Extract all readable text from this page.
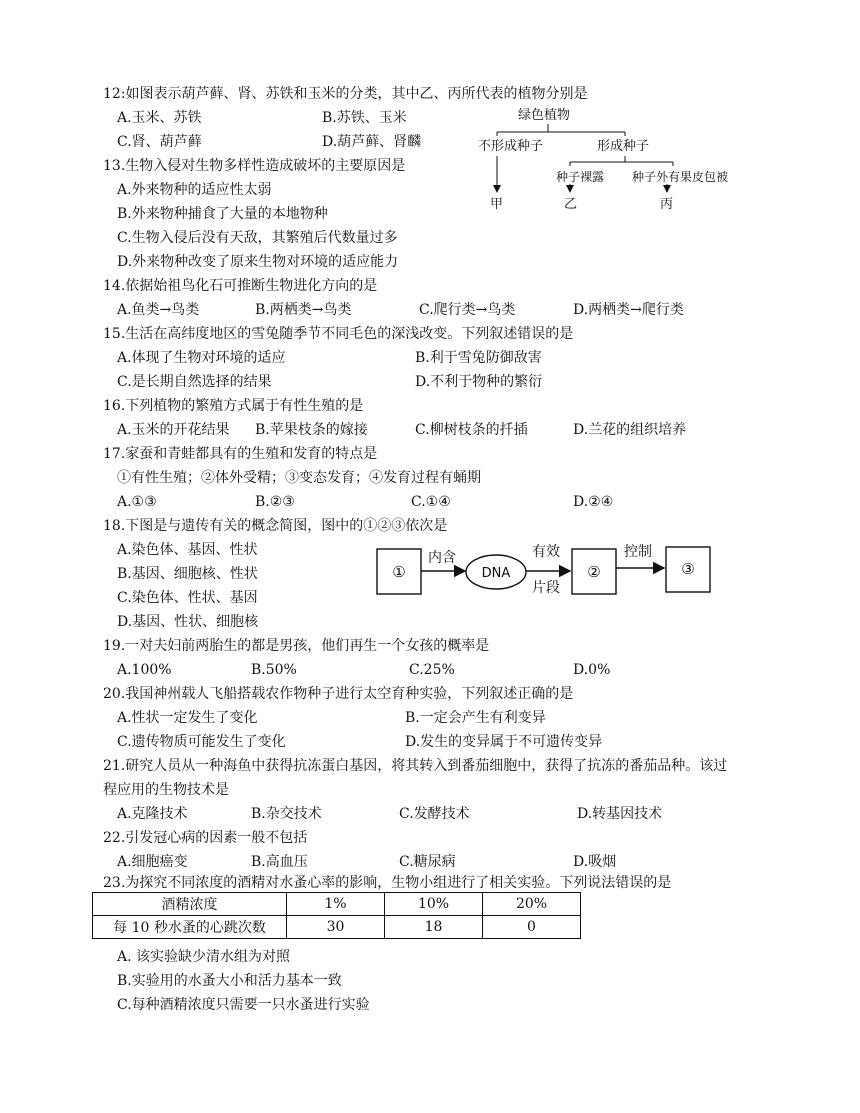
12:如图表示葫芦藓、肾、苏铁和玉米的分类，其中乙、丙所代表的植物分别是
A.玉米、苏铁	B.苏铁、玉米
C.肾、葫芦藓	D.葫芦藓、肾麟
绿色植物
不形成种子	形成种子
种子裸露 种子外有果皮包被
甲	乙	丙
13.生物入侵对生物多样性造成破坏的主要原因是
A.外来物种的适应性太弱
B.外来物种捕食了大量的本地物种
C.生物入侵后没有天敌，其繁殖后代数量过多
D.外来物种改变了原来生物对环境的适应能力
14.依据始祖鸟化石可推断生物进化方向的是
A.鱼类→鸟类	B.两栖类→鸟类	C.爬行类→鸟类	D.两栖类→爬行类
15.生活在高纬度地区的雪兔随季节不同毛色的深浅改变。下列叙述错误的是
A.体现了生物对环境的适应	B.利于雪兔防御敌害
C.是长期自然选择的结果	D.不利于物种的繁衍
16.下列植物的繁殖方式属于有性生殖的是
A.玉米的开花结果 B.苹果枝条的嫁接	C.柳树枝条的扦插	D.兰花的组织培养
17.家蚕和青蛙都具有的生殖和发育的特点是
①有性生殖；②体外受精；③变态发育；④发育过程有蛹期
A.①③	B.②③	C.①④	D.②④
18.下图是与遗传有关的概念简图，图中的①②③依次是
A.染色体、基因、性状
B.基因、细胞核、性状
C.染色体、性状、基因
D.基因、性状、细胞核
①
内含
DNA
有效
片段
②
控制
③
19.一对夫妇前两胎生的都是男孩，他们再生一个女孩的概率是
A.100%	B.50%	C.25%	D.0%
20.我国神州载人飞船搭载农作物种子进行太空育种实验，下列叙述正确的是
A.性状一定发生了变化	B.一定会产生有利变异
C.遗传物质可能发生了变化	D.发生的变异属于不可遗传变异
21.研究人员从一种海鱼中获得抗冻蛋白基因，将其转入到番茄细胞中，获得了抗冻的番茄品种。该过
程应用的生物技术是
A.克隆技术	B.杂交技术	C.发酵技术	D.转基因技术
22.引发冠心病的因素一般不包括
A.细胞癌变	B.高血压	C.糖尿病	D.吸烟
23.为探究不同浓度的酒精对水蚤心率的影响，生物小组进行了相关实验。下列说法错误的是
酒精浓度	1%	10%	20%
每 10 秒水蚤的心跳次数	30	18	0
A. 该实验缺少清水组为对照
B.实验用的水蚤大小和活力基本一致
C.每种酒精浓度只需要一只水蚤进行实验
